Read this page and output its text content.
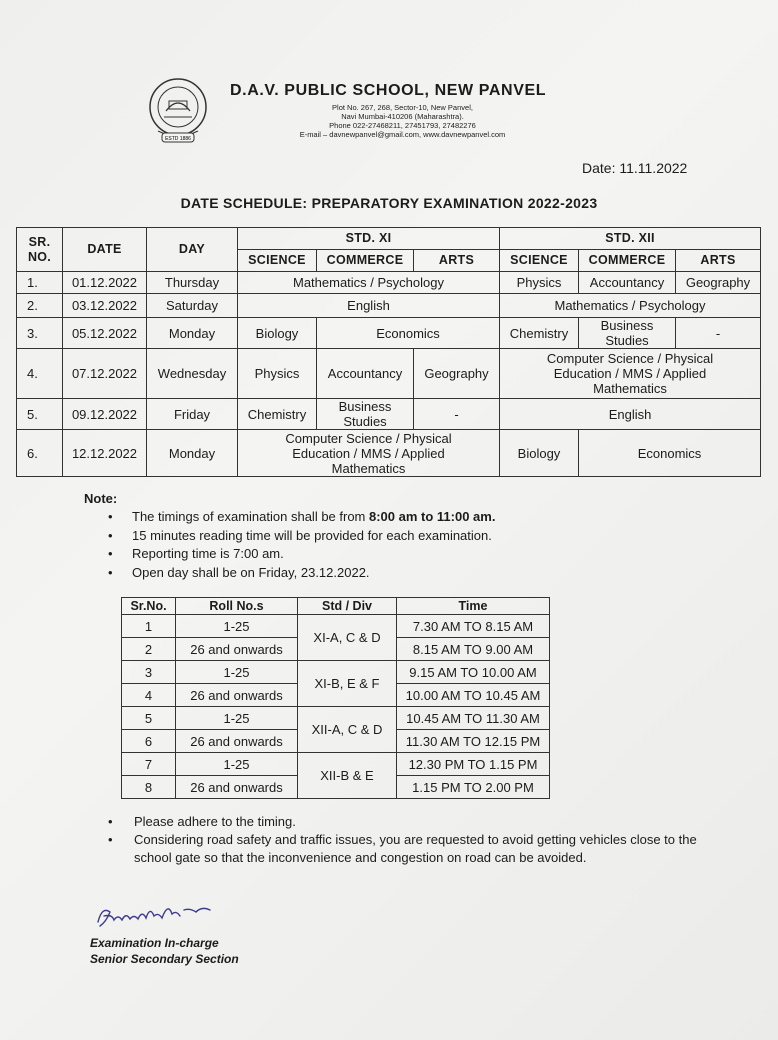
ESTD 1886
D.A.V. PUBLIC SCHOOL, NEW PANVEL
Plot No. 267, 268, Sector-10, New Panvel,
Navi Mumbai-410206 (Maharashtra).
Phone 022-27468211, 27451793, 27482276
E-mail – davnewpanvel@gmail.com, www.davnewpanvel.com
Date: 11.11.2022
DATE SCHEDULE: PREPARATORY EXAMINATION 2022-2023
SR. NO.	DATE	DAY	STD. XI			STD. XII		
			SCIENCE	COMMERCE	ARTS	SCIENCE	COMMERCE	ARTS
1.	01.12.2022	Thursday	Mathematics / Psychology			Physics	Accountancy	Geography
2.	03.12.2022	Saturday	English			Mathematics / Psychology		
3.	05.12.2022	Monday	Biology	Economics		Chemistry	Business Studies	-
4.	07.12.2022	Wednesday	Physics	Accountancy	Geography	Computer Science / Physical Education / MMS / Applied Mathematics		
5.	09.12.2022	Friday	Chemistry	Business Studies	-	English		
6.	12.12.2022	Monday	Computer Science / Physical Education / MMS / Applied Mathematics			Biology	Economics	
Note:
• The timings of examination shall be from 8:00 am to 11:00 am.
• 15 minutes reading time will be provided for each examination.
• Reporting time is 7:00 am.
• Open day shall be on Friday, 23.12.2022.
Sr.No.	Roll No.s	Std / Div	Time
1	1-25	XI-A, C & D	7.30 AM TO 8.15 AM
2	26 and onwards		8.15 AM TO 9.00 AM
3	1-25	XI-B, E & F	9.15 AM TO 10.00 AM
4	26 and onwards		10.00 AM TO 10.45 AM
5	1-25	XII-A, C & D	10.45 AM TO 11.30 AM
6	26 and onwards		11.30 AM TO 12.15 PM
7	1-25	XII-B & E	12.30 PM TO 1.15 PM
8	26 and onwards		1.15 PM TO 2.00 PM
• Please adhere to the timing.
• Considering road safety and traffic issues, you are requested to avoid getting vehicles close to the school gate so that the inconvenience and congestion on road can be avoided.
Examination In-charge
Senior Secondary Section
